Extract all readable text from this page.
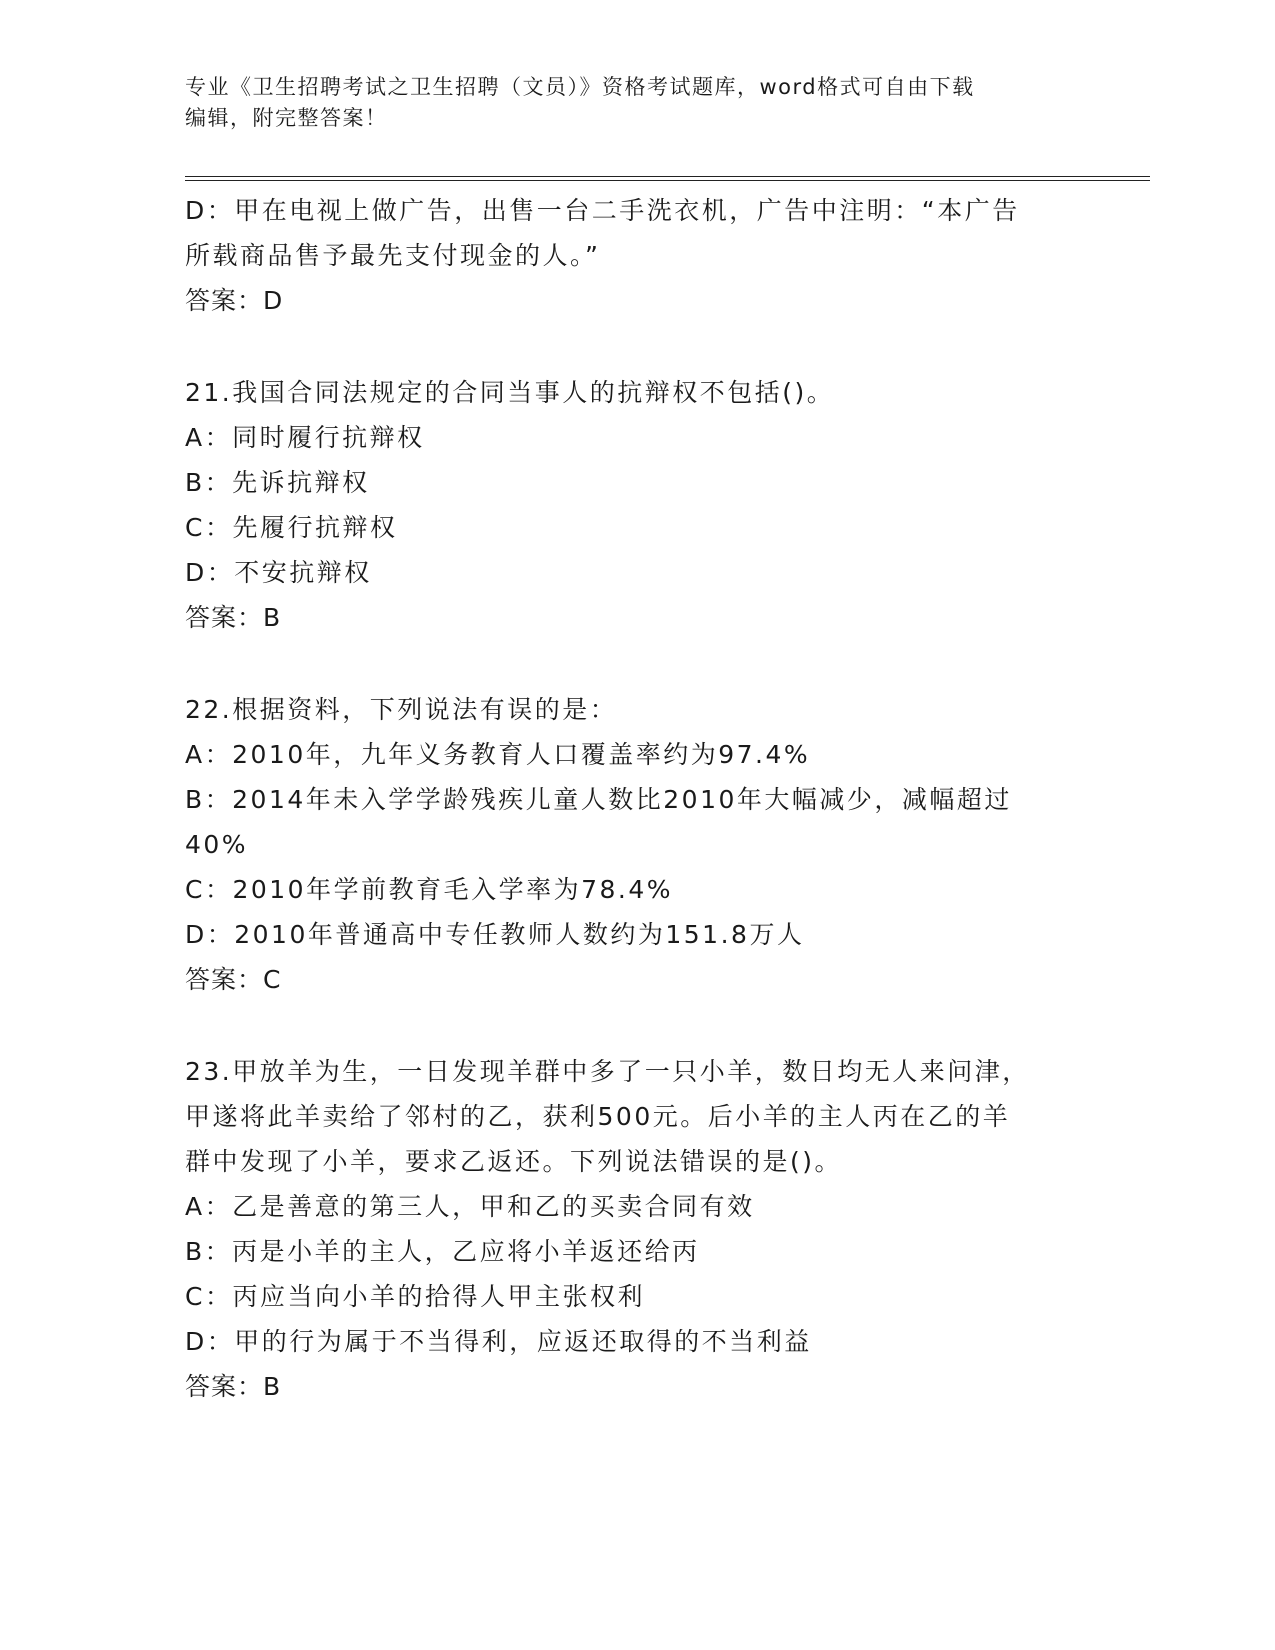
专业《卫生招聘考试之卫生招聘（文员）》资格考试题库，word格式可自由下载
编辑，附完整答案！
D：甲在电视上做广告，出售一台二手洗衣机，广告中注明：“本广告
所载商品售予最先支付现金的人。”
答案：D
21.我国合同法规定的合同当事人的抗辩权不包括()。
A：同时履行抗辩权
B：先诉抗辩权
C：先履行抗辩权
D：不安抗辩权
答案：B
22.根据资料，下列说法有误的是：
A：2010年，九年义务教育人口覆盖率约为97.4%
B：2014年未入学学龄残疾儿童人数比2010年大幅减少，减幅超过
40%
C：2010年学前教育毛入学率为78.4%
D：2010年普通高中专任教师人数约为151.8万人
答案：C
23.甲放羊为生，一日发现羊群中多了一只小羊，数日均无人来问津，
甲遂将此羊卖给了邻村的乙，获利500元。后小羊的主人丙在乙的羊
群中发现了小羊，要求乙返还。下列说法错误的是()。
A：乙是善意的第三人，甲和乙的买卖合同有效
B：丙是小羊的主人，乙应将小羊返还给丙
C：丙应当向小羊的拾得人甲主张权利
D：甲的行为属于不当得利，应返还取得的不当利益
答案：B
